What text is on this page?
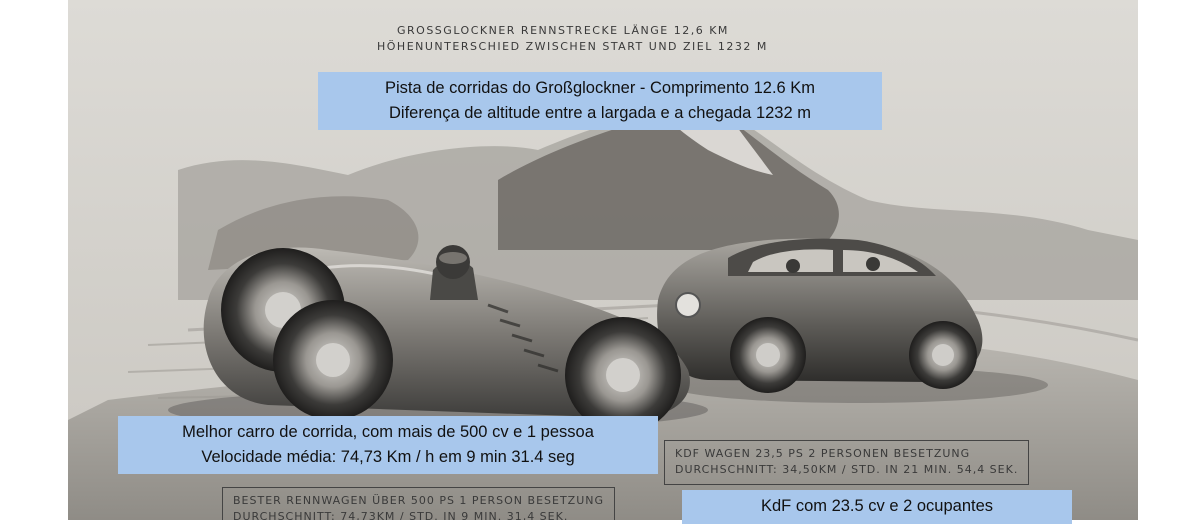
GROSSGLOCKNER RENNSTRECKE LÄNGE 12,6 KM
HÖHENUNTERSCHIED ZWISCHEN START UND ZIEL 1232 M
KDF WAGEN 23,5 PS 2 PERSONEN BESETZUNG
DURCHSCHNITT: 34,50KM / STD. IN 21 MIN. 54,4 SEK.
BESTER RENNWAGEN ÜBER 500 PS 1 PERSON BESETZUNG
DURCHSCHNITT: 74,73KM / STD. IN 9 MIN. 31,4 SEK.
Pista de corridas do Großglockner - Comprimento 12.6 Km
Diferença de altitude entre a largada e a chegada 1232 m
Melhor carro de corrida, com mais de 500 cv e 1 pessoa
Velocidade média: 74,73 Km / h em 9 min 31.4 seg
KdF com 23.5 cv e 2 ocupantes
